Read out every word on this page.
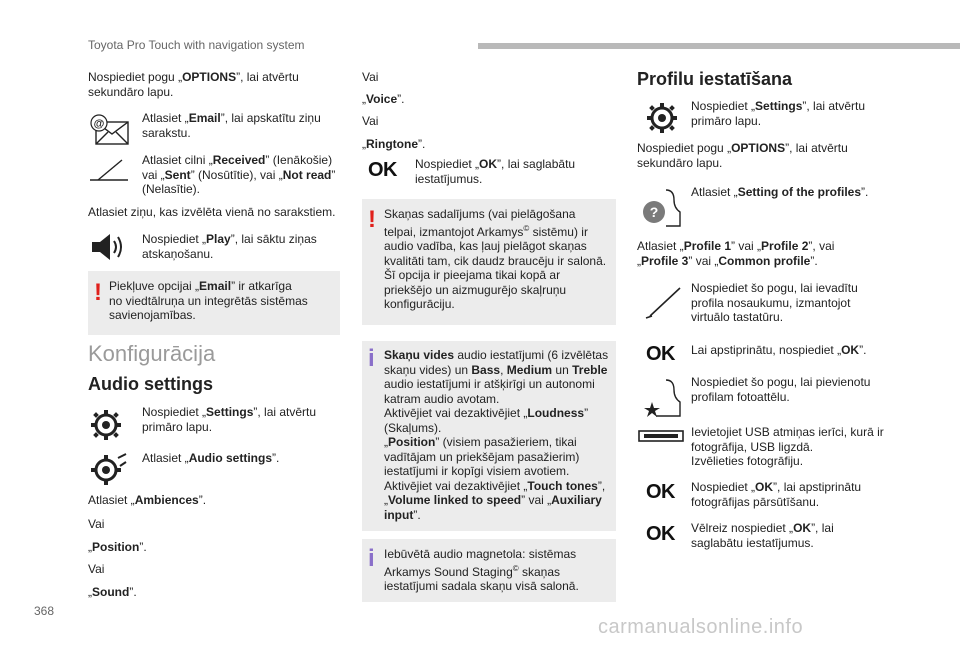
Toyota Pro Touch with navigation system
Nospiediet pogu „OPTIONS”, lai atvērtu
sekundāro lapu.
@	Atlasiet „Email”, lai apskatītu ziņu
sarakstu.
Atlasiet cilni „Received” (Ienākošie)
vai „Sent” (Nosūtītie), vai „Not read”
(Nelasītie).
Atlasiet ziņu, kas izvēlēta vienā no sarakstiem.
Nospiediet „Play”, lai sāktu ziņas
atskaņošanu.
! Piekļuve opcijai „Email” ir atkarīga
no viedtālruņa un integrētās sistēmas
savienojamības.
Konfigurācija
Audio settings
Nospiediet „Settings”, lai atvērtu
primāro lapu.
Atlasiet „Audio settings”.
Atlasiet „Ambiences”.
Vai
„Position”.
Vai
„Sound”.
Vai
„Voice”.
Vai
„Ringtone”.
OK Nospiediet „OK”, lai saglabātu
iestatījumus.
! Skaņas sadalījums (vai pielāgošana
telpai, izmantojot Arkamys© sistēmu) ir
audio vadība, kas ļauj pielāgot skaņas
kvalitāti tam, cik daudz braucēju ir salonā.
Šī opcija ir pieejama tikai kopā ar
priekšējo un aizmugurējo skaļruņu
konfigurāciju.
i Skaņu vides audio iestatījumi (6 izvēlētas
skaņu vides) un Bass, Medium un Treble
audio iestatījumi ir atšķirīgi un autonomi
katram audio avotam.
Aktivējiet vai dezaktivējiet „Loudness”
(Skaļums).
„Position” (visiem pasažieriem, tikai
vadītājam un priekšējam pasažierim)
iestatījumi ir kopīgi visiem avotiem.
Aktivējiet vai dezaktivējiet „Touch tones”,
„Volume linked to speed” vai „Auxiliary
input”.
i Iebūvētā audio magnetola: sistēmas
Arkamys Sound Staging© skaņas
iestatījumi sadala skaņu visā salonā.
Profilu iestatīšana
Nospiediet „Settings”, lai atvērtu
primāro lapu.
Nospiediet pogu „OPTIONS”, lai atvērtu
sekundāro lapu.
?
Atlasiet „Setting of the profiles”.
Atlasiet „Profile 1” vai „Profile 2”, vai
„Profile 3” vai „Common profile”.
Nospiediet šo pogu, lai ievadītu
profila nosaukumu, izmantojot
virtuālo tastatūru.
OK Lai apstiprinātu, nospiediet „OK”.
Nospiediet šo pogu, lai pievienotu
profilam fotoattēlu.
Ievietojiet USB atmiņas ierīci, kurā ir
fotogrāfija, USB ligzdā.
Izvēlieties fotogrāfiju.
OK Nospiediet „OK”, lai apstiprinātu
fotogrāfijas pārsūtīšanu.
OK Vēlreiz nospiediet „OK”, lai
saglabātu iestatījumus.
368
carmanualsonline.info
